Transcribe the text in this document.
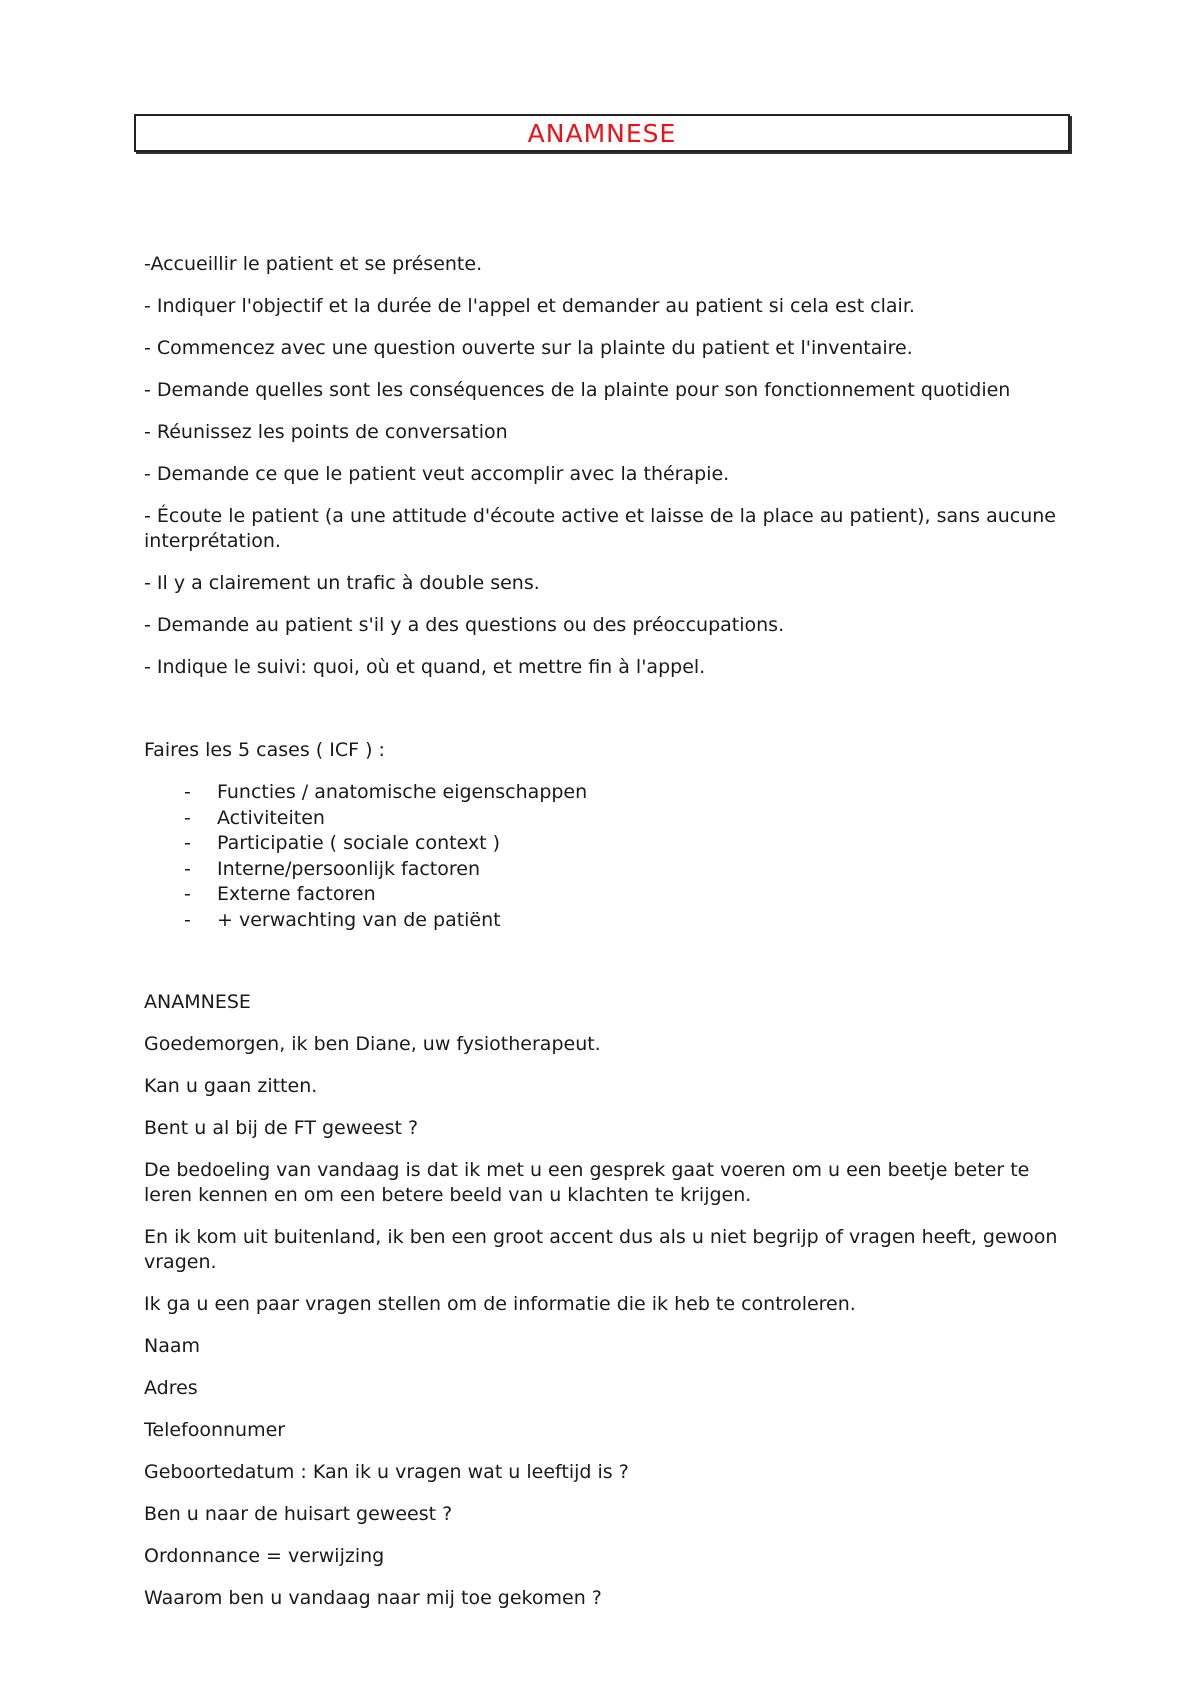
ANAMNESE

-Accueillir le patient et se présente.

- Indiquer l'objectif et la durée de l'appel et demander au patient si cela est clair.

- Commencez avec une question ouverte sur la plainte du patient et l'inventaire.

- Demande quelles sont les conséquences de la plainte pour son fonctionnement quotidien

- Réunissez les points de conversation

- Demande ce que le patient veut accomplir avec la thérapie.

- Écoute le patient (a une attitude d'écoute active et laisse de la place au patient), sans aucune interprétation.

- Il y a clairement un trafic à double sens.

- Demande au patient s'il y a des questions ou des préoccupations.

- Indique le suivi: quoi, où et quand, et mettre fin à l'appel.

Faires les 5 cases ( ICF ) :

-	Functies / anatomische eigenschappen
-	Activiteiten
-	Participatie ( sociale context )
-	Interne/persoonlijk factoren
-	Externe factoren
-	+ verwachting van de patiënt

ANAMNESE

Goedemorgen, ik ben Diane, uw fysiotherapeut.

Kan u gaan zitten.

Bent u al bij de FT geweest ?

De bedoeling van vandaag is dat ik met u een gesprek gaat voeren om u een beetje beter te leren kennen en om een betere beeld van u klachten te krijgen.

En ik kom uit buitenland, ik ben een groot accent dus als u niet begrijp of vragen heeft, gewoon vragen.

Ik ga u een paar vragen stellen om de informatie die ik heb te controleren.

Naam

Adres

Telefoonnumer

Geboortedatum : Kan ik u vragen wat u leeftijd is ?

Ben u naar de huisart geweest ?

Ordonnance = verwijzing

Waarom ben u vandaag naar mij toe gekomen ?
